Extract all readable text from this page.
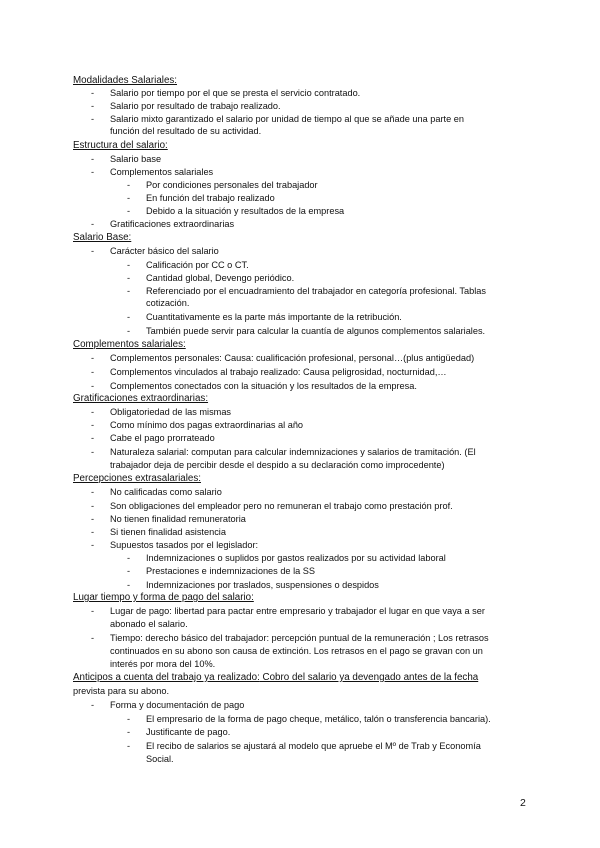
Modalidades Salariales:
- Salario por tiempo por el que se presta el servicio contratado.
- Salario por resultado de trabajo realizado.
- Salario mixto garantizado el salario por unidad de tiempo al que se añade una parte en
función del resultado de su actividad.
Estructura del salario:
- Salario base
- Complementos salariales
- Por condiciones personales del trabajador
- En función del trabajo realizado
- Debido a la situación y resultados de la empresa
- Gratificaciones extraordinarias
Salario Base:
- Carácter básico del salario
- Calificación por CC o CT.
- Cantidad global, Devengo periódico.
- Referenciado por el encuadramiento del trabajador en categoría profesional. Tablas
cotización.
- Cuantitativamente es la parte más importante de la retribución.
- También puede servir para calcular la cuantía de algunos complementos salariales.
Complementos salariales:
- Complementos personales: Causa: cualificación profesional, personal…(plus antigüedad)
- Complementos vinculados al trabajo realizado: Causa peligrosidad, nocturnidad,…
- Complementos conectados con la situación y los resultados de la empresa.
Gratificaciones extraordinarias:
- Obligatoriedad de las mismas
- Como mínimo dos pagas extraordinarias al año
- Cabe el pago prorrateado
- Naturaleza salarial: computan para calcular indemnizaciones y salarios de tramitación. (El
trabajador deja de percibir desde el despido a su declaración como improcedente)
Percepciones extrasalariales:
- No calificadas como salario
- Son obligaciones del empleador pero no remuneran el trabajo como prestación prof.
- No tienen finalidad remuneratoria
- Si tienen finalidad asistencia
- Supuestos tasados por el legislador:
- Indemnizaciones o suplidos por gastos realizados por su actividad laboral
- Prestaciones e indemnizaciones de la SS
- Indemnizaciones por traslados, suspensiones o despidos
Lugar tiempo y forma de pago del salario:
- Lugar de pago: libertad para pactar entre empresario y trabajador el lugar en que vaya a ser
abonado el salario.
- Tiempo: derecho básico del trabajador: percepción puntual de la remuneración ; Los retrasos
continuados en su abono son causa de extinción. Los retrasos en el pago se gravan con un
interés por mora del 10%.
Anticipos a cuenta del trabajo ya realizado: Cobro del salario ya devengado antes de la fecha
prevista para su abono.
- Forma y documentación de pago
- El empresario de la forma de pago cheque, metálico, talón o transferencia bancaria).
- Justificante de pago.
- El recibo de salarios se ajustará al modelo que apruebe el Mº de Trab y Economía
Social.
2
